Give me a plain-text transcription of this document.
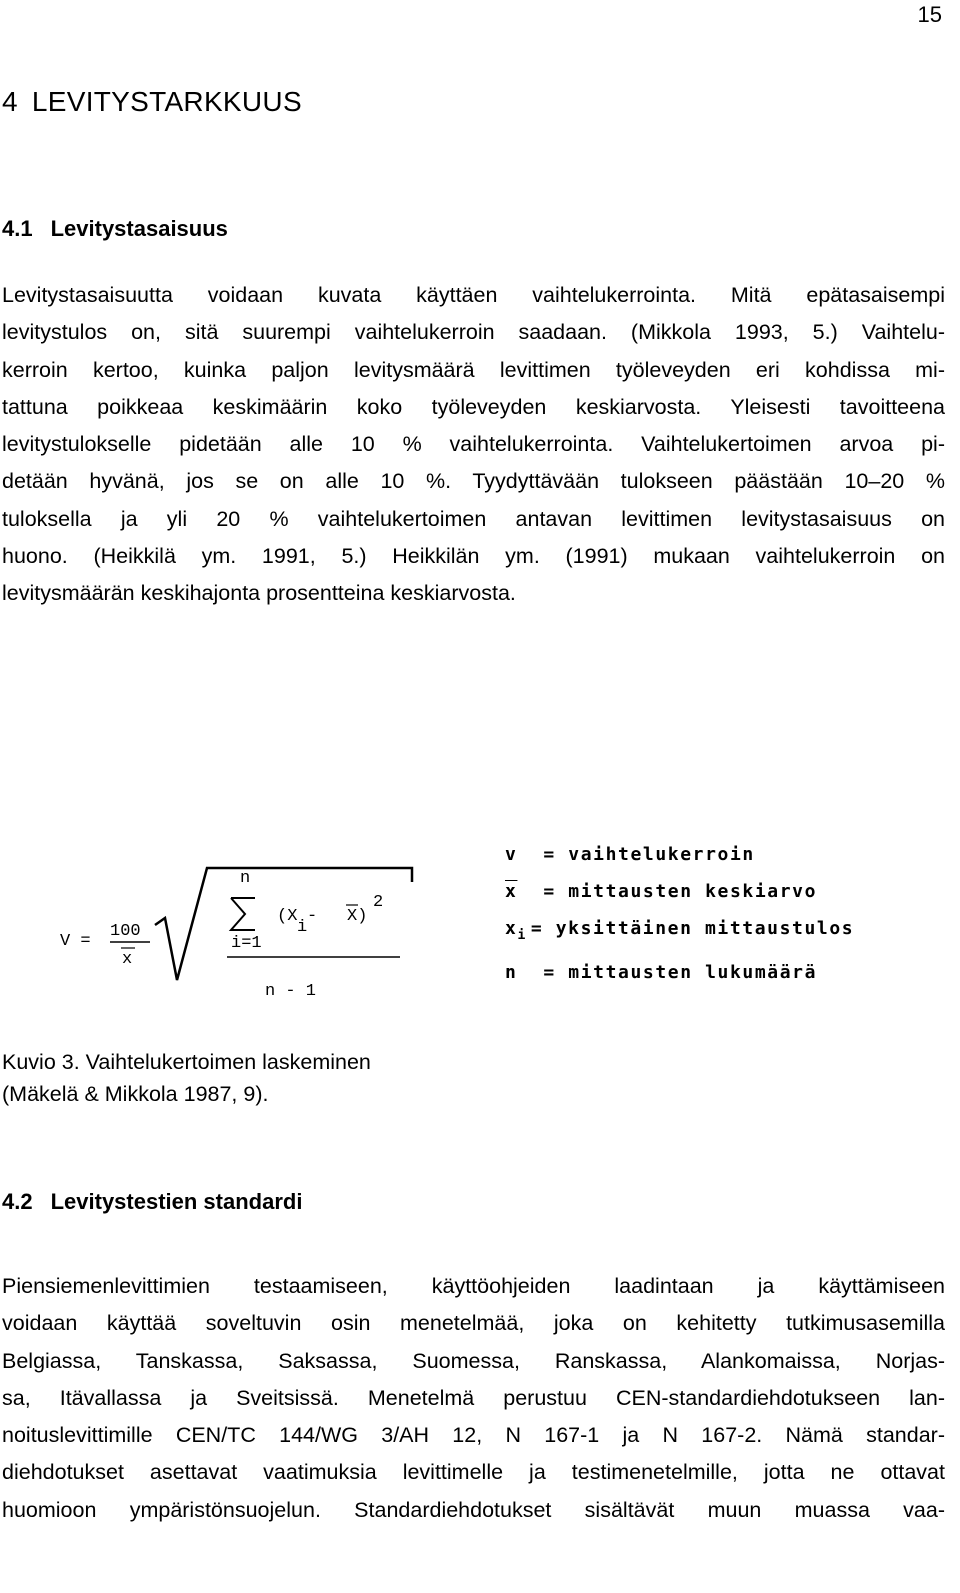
15
4 LEVITYSTARKKUUS
4.1 Levitystasaisuus
Levitystasaisuutta voidaan kuvata käyttäen vaihtelukerrointa. Mitä epätasaisempi
levitystulos on, sitä suurempi vaihtelukerroin saadaan. (Mikkola 1993, 5.) Vaihtelu-
kerroin kertoo, kuinka paljon levitysmäärä levittimen työleveyden eri kohdissa mi-
tattuna poikkeaa keskimäärin koko työleveyden keskiarvosta. Yleisesti tavoitteena
levitystulokselle pidetään alle 10 % vaihtelukerrointa. Vaihtelukertoimen arvoa pi-
detään hyvänä, jos se on alle 10 %. Tyydyttävään tulokseen päästään 10–20 %
tuloksella ja yli 20 % vaihtelukertoimen antavan levittimen levitystasaisuus on
huono. (Heikkilä ym. 1991, 5.) Heikkilän ym. (1991) mukaan vaihtelukerroin on
levitysmäärän keskihajonta prosentteina keskiarvosta.
V =
100
x
n
i=1
(X
i
- X)
2
n - 1
v = vaihtelukerroin
$\overline{x}$ = mittausten keskiarvo
$x_i$ = yksittäinen mittaustulos
n = mittausten lukumäärä
Kuvio 3. Vaihtelukertoimen laskeminen
(Mäkelä & Mikkola 1987, 9).
4.2 Levitystestien standardi
Piensiemenlevittimien testaamiseen, käyttöohjeiden laadintaan ja käyttämiseen
voidaan käyttää soveltuvin osin menetelmää, joka on kehitetty tutkimusasemilla
Belgiassa, Tanskassa, Saksassa, Suomessa, Ranskassa, Alankomaissa, Norjas-
sa, Itävallassa ja Sveitsissä. Menetelmä perustuu CEN-standardiehdotukseen lan-
noituslevittimille CEN/TC 144/WG 3/AH 12, N 167-1 ja N 167-2. Nämä standar-
diehdotukset asettavat vaatimuksia levittimelle ja testimenetelmille, jotta ne ottavat
huomioon ympäristönsuojelun. Standardiehdotukset sisältävät muun muassa vaa-
